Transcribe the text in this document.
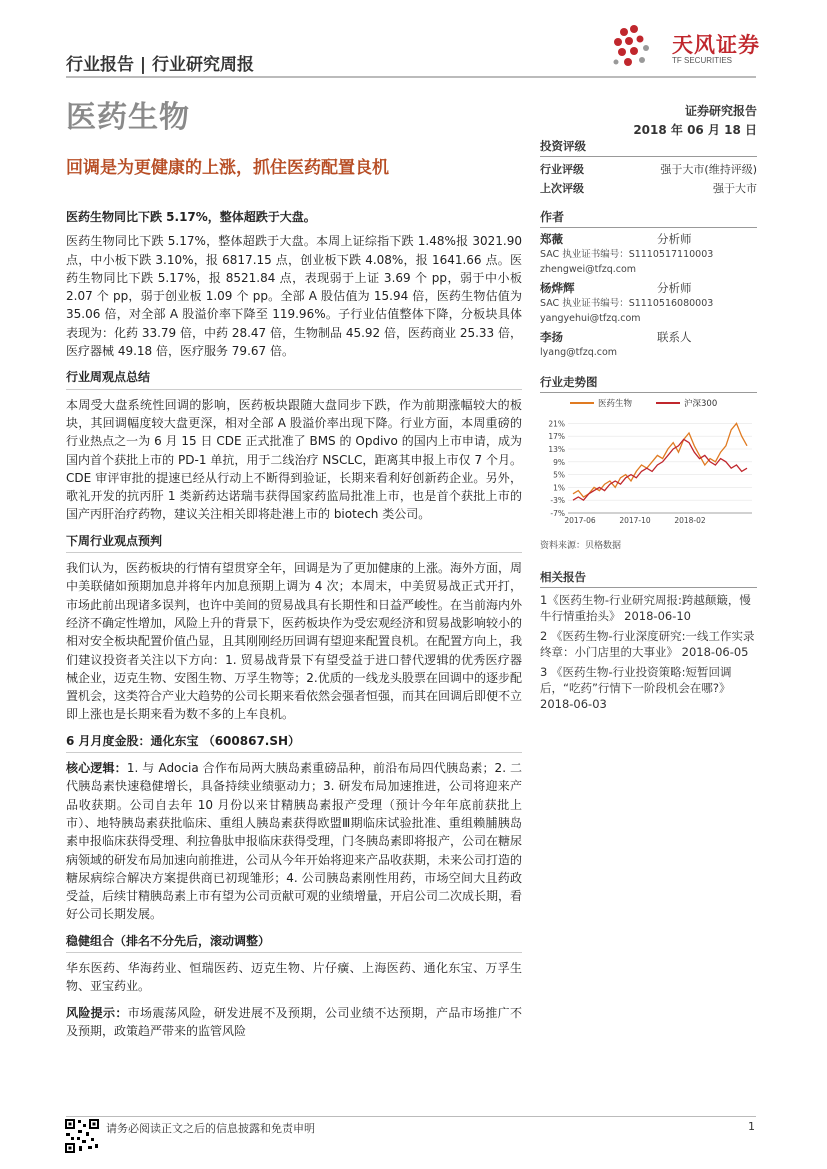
行业报告 | 行业研究周报
天风证券
TF SECURITIES
医药生物	证券研究报告
2018 年 06 月 18 日
回调是为更健康的上涨，抓住医药配置良机
医药生物同比下跌 5.17%，整体超跌于大盘。

医药生物同比下跌 5.17%，整体超跌于大盘。本周上证综指下跌 1.48%报 3021.90 点，中小板下跌 3.10%，报 6817.15 点，创业板下跌 4.08%，报 1641.66 点。医药生物同比下跌 5.17%，报 8521.84 点，表现弱于上证 3.69 个 pp，弱于中小板 2.07 个 pp，弱于创业板 1.09 个 pp。全部 A 股估值为 15.94 倍，医药生物估值为 35.06 倍，对全部 A 股溢价率下降至 119.96%。子行业估值整体下降，分板块具体表现为：化药 33.79 倍，中药 28.47 倍，生物制品 45.92 倍，医药商业 25.33 倍，医疗器械 49.18 倍，医疗服务 79.67 倍。

行业周观点总结

本周受大盘系统性回调的影响，医药板块跟随大盘同步下跌，作为前期涨幅较大的板块，其回调幅度较大盘更深，相对全部 A 股溢价率出现下降。行业方面，本周重磅的行业热点之一为 6 月 15 日 CDE 正式批准了 BMS 的 Opdivo 的国内上市申请，成为国内首个获批上市的 PD-1 单抗，用于二线治疗 NSCLC，距离其申报上市仅 7 个月。CDE 审评审批的提速已经从行动上不断得到验证，长期来看利好创新药企业。另外，歌礼开发的抗丙肝 1 类新药达诺瑞韦获得国家药监局批准上市，也是首个获批上市的国产丙肝治疗药物，建议关注相关即将赴港上市的 biotech 类公司。

下周行业观点预判

我们认为，医药板块的行情有望贯穿全年，回调是为了更加健康的上涨。海外方面，周中美联储如预期加息并将年内加息预期上调为 4 次；本周末，中美贸易战正式开打，市场此前出现诸多误判，也许中美间的贸易战具有长期性和日益严峻性。在当前海内外经济不确定性增加，风险上升的背景下，医药板块作为受宏观经济和贸易战影响较小的相对安全板块配置价值凸显，且其刚刚经历回调有望迎来配置良机。在配置方向上，我们建议投资者关注以下方向：1. 贸易战背景下有望受益于进口替代逻辑的优秀医疗器械企业，迈克生物、安图生物、万孚生物等；2.优质的一线龙头股票在回调中的逐步配置机会，这类符合产业大趋势的公司长期来看依然会强者恒强，而其在回调后即便不立即上涨也是长期来看为数不多的上车良机。

6 月月度金股：通化东宝 （600867.SH）

核心逻辑：1. 与 Adocia 合作布局两大胰岛素重磅品种，前沿布局四代胰岛素；2. 二代胰岛素快速稳健增长，具备持续业绩驱动力；3. 研发布局加速推进，公司将迎来产品收获期。公司自去年 10 月份以来甘精胰岛素报产受理（预计今年年底前获批上市）、地特胰岛素获批临床、重组人胰岛素获得欧盟Ⅲ期临床试验批准、重组赖脯胰岛素申报临床获得受理、利拉鲁肽申报临床获得受理，门冬胰岛素即将报产，公司在糖尿病领域的研发布局加速向前推进，公司从今年开始将迎来产品收获期，未来公司打造的糖尿病综合解决方案提供商已初现雏形；4. 公司胰岛素刚性用药，市场空间大且药政受益，后续甘精胰岛素上市有望为公司贡献可观的业绩增量，开启公司二次成长期，看好公司长期发展。

稳健组合（排名不分先后，滚动调整）

华东医药、华海药业、恒瑞医药、迈克生物、片仔癀、上海医药、通化东宝、万孚生物、亚宝药业。

风险提示：市场震荡风险，研发进展不及预期，公司业绩不达预期，产品市场推广不及预期，政策趋严带来的监管风险

投资评级
行业评级	强于大市(维持评级)
上次评级	强于大市
作者
郑薇	分析师
SAC 执业证书编号：S1110517110003
zhengwei@tfzq.com
杨烨辉	分析师
SAC 执业证书编号：S1110516080003
yangyehui@tfzq.com
李扬	联系人
lyang@tfzq.com
行业走势图
医药生物	沪深300
21%
17%
13%
9%
5%
1%
-3%
-7%
2017-06	2017-10	2018-02
资料来源：贝格数据
相关报告
1《医药生物-行业研究周报:跨越颠簸，慢牛行情重抬头》 2018-06-10
2 《医药生物-行业深度研究:一线工作实录终章：小门店里的大事业》 2018-06-05
3 《医药生物-行业投资策略:短暂回调后，“吃药”行情下一阶段机会在哪?》 2018-06-03
请务必阅读正文之后的信息披露和免责申明	1
